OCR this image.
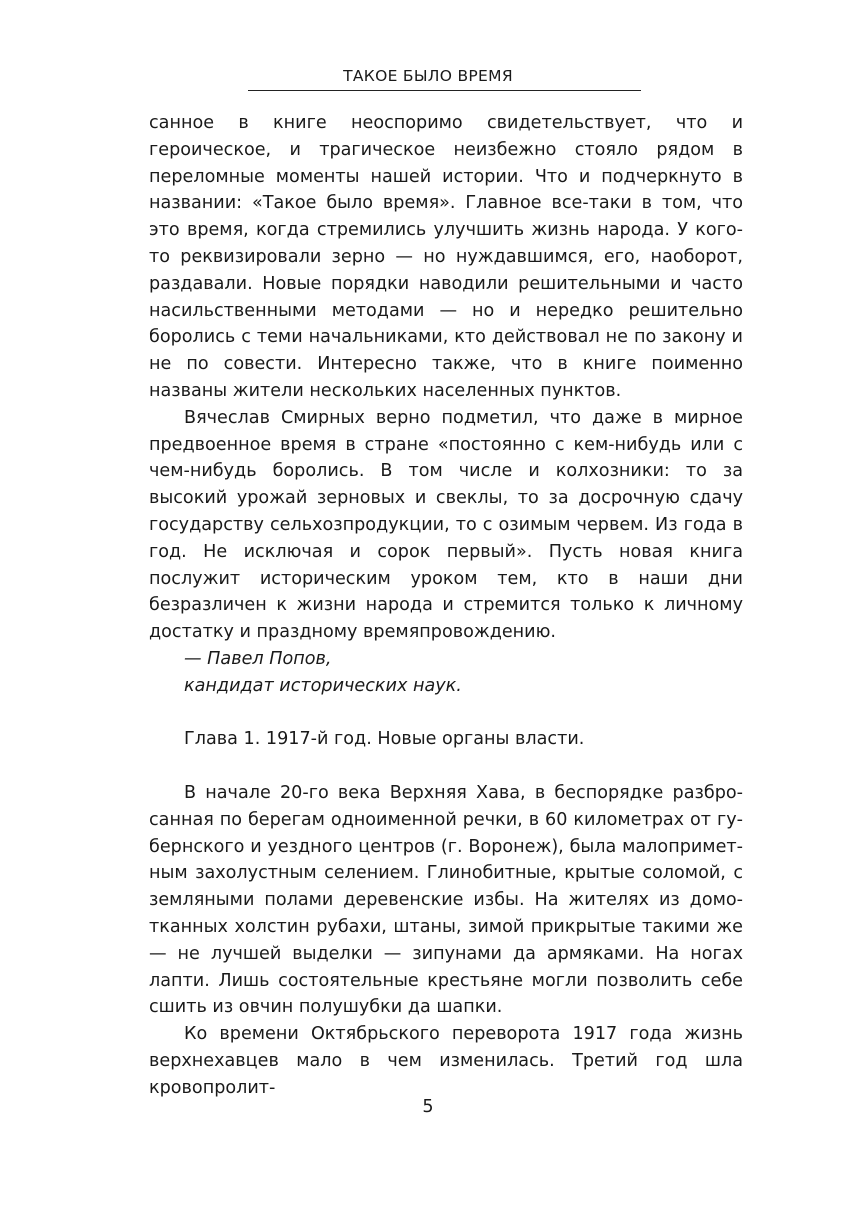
ТАКОЕ БЫЛО ВРЕМЯ

санное в книге неоспоримо свидетельствует, что и героическое, и трагическое неизбежно стояло рядом в переломные моменты нашей истории. Что и подчеркнуто в названии: «Такое было время». Главное все-таки в том, что это время, когда стремились улучшить жизнь народа. У кого-то реквизировали зерно — но нуждавшимся, его, наоборот, раздавали. Новые порядки наводили решительными и часто насильственными методами — но и нередко решительно боролись с теми начальниками, кто действовал не по закону и не по совести. Интересно также, что в книге поименно названы жители нескольких населенных пунктов.

Вячеслав Смирных верно подметил, что даже в мирное предвоенное время в стране «постоянно с кем-нибудь или с чем-нибудь боролись. В том числе и колхозники: то за высокий урожай зерновых и свеклы, то за досрочную сдачу государству сельхозпродукции, то с озимым червем. Из года в год. Не исключая и сорок первый». Пусть новая книга послужит историческим уроком тем, кто в наши дни безразличен к жизни народа и стремится только к личному достатку и праздному времяпровождению.

— Павел Попов,

кандидат исторических наук.

Глава 1. 1917-й год. Новые органы власти.

В начале 20-го века Верхняя Хава, в беспорядке разбросанная по берегам одноименной речки, в 60 километрах от губернского и уездного центров (г. Воронеж), была малоприметным захолустным селением. Глинобитные, крытые соломой, с земляными полами деревенские избы. На жителях из домотканных холстин рубахи, штаны, зимой прикрытые такими же — не лучшей выделки — зипунами да армяками. На ногах лапти. Лишь состоятельные крестьяне могли позволить себе сшить из овчин полушубки да шапки.

Ко времени Октябрьского переворота 1917 года жизнь верхнехавцев мало в чем изменилась. Третий год шла кровопролит-

5
